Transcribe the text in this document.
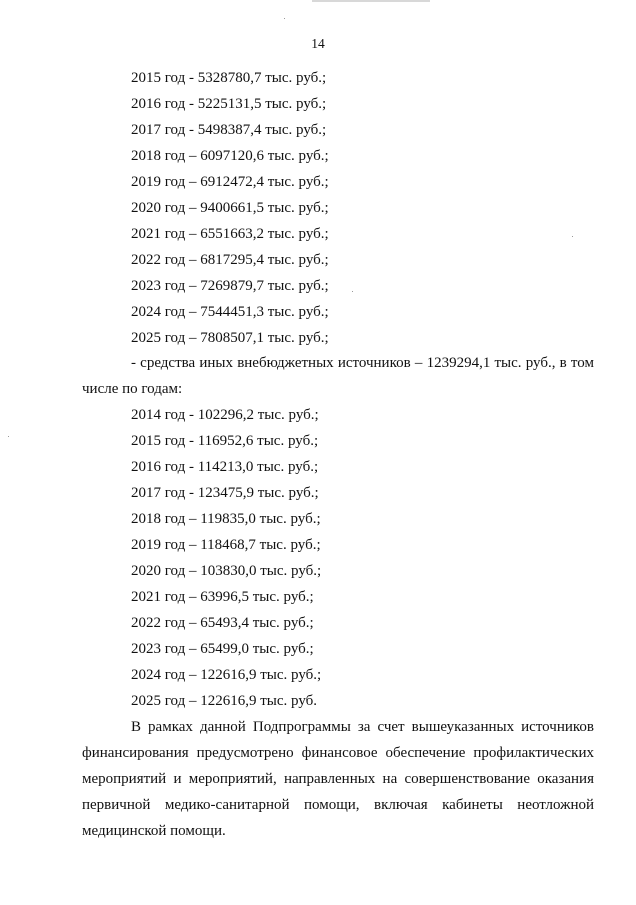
14
2015 год - 5328780,7 тыс. руб.;
2016 год - 5225131,5 тыс. руб.;
2017 год - 5498387,4 тыс. руб.;
2018 год – 6097120,6 тыс. руб.;
2019 год – 6912472,4 тыс. руб.;
2020 год – 9400661,5 тыс. руб.;
2021 год – 6551663,2 тыс. руб.;
2022 год – 6817295,4 тыс. руб.;
2023 год – 7269879,7 тыс. руб.;
2024 год – 7544451,3 тыс. руб.;
2025 год – 7808507,1 тыс. руб.;

- средства иных внебюджетных источников – 1239294,1 тыс. руб., в том числе по годам:

2014 год - 102296,2 тыс. руб.;
2015 год - 116952,6 тыс. руб.;
2016 год - 114213,0 тыс. руб.;
2017 год - 123475,9 тыс. руб.;
2018 год – 119835,0 тыс. руб.;
2019 год – 118468,7 тыс. руб.;
2020 год – 103830,0 тыс. руб.;
2021 год – 63996,5 тыс. руб.;
2022 год – 65493,4 тыс. руб.;
2023 год – 65499,0 тыс. руб.;
2024 год – 122616,9 тыс. руб.;
2025 год – 122616,9 тыс. руб.

В рамках данной Подпрограммы за счет вышеуказанных источников финансирования предусмотрено финансовое обеспечение профилактических мероприятий и мероприятий, направленных на совершенствование оказания первичной медико-санитарной помощи, включая кабинеты неотложной медицинской помощи.
